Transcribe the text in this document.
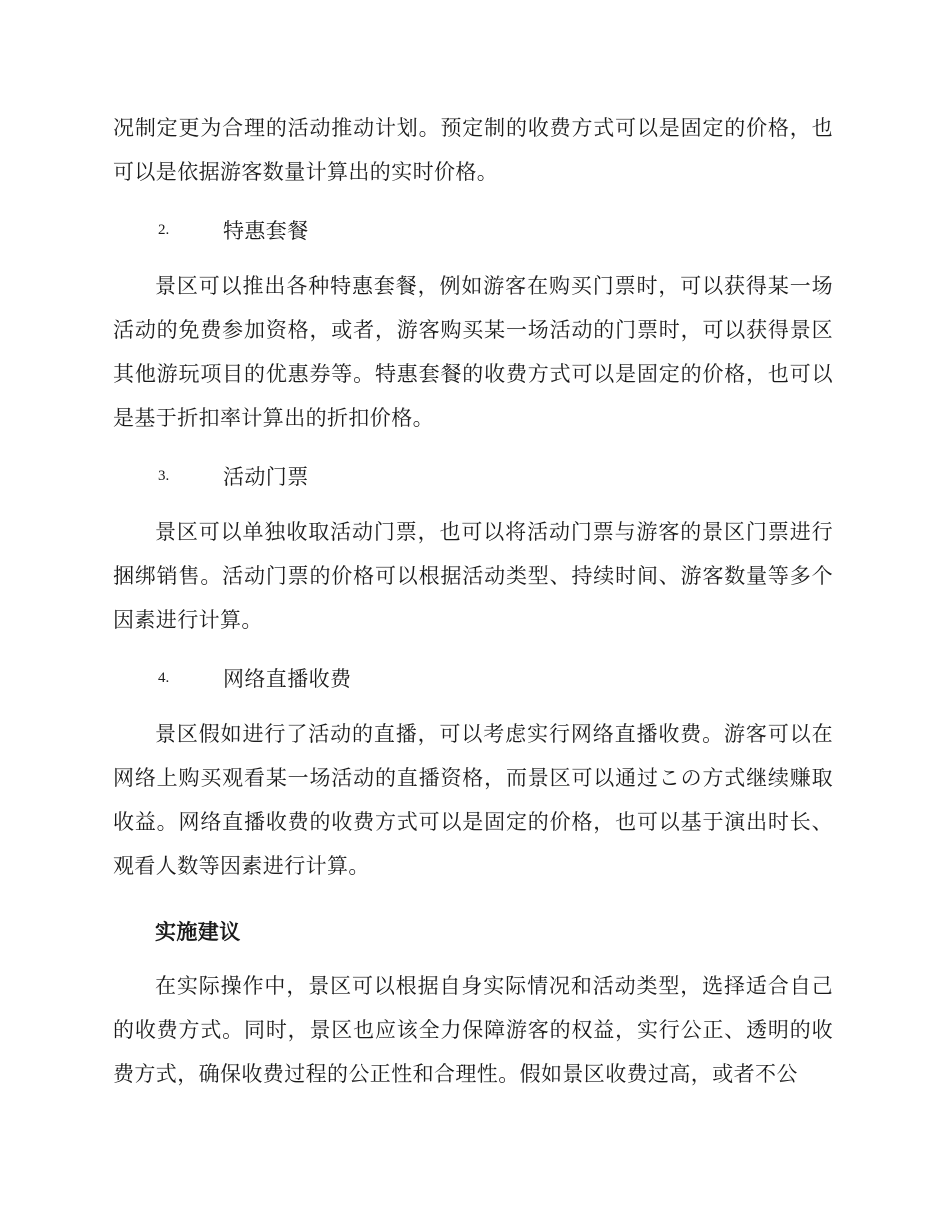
况制定更为合理的活动推动计划。预定制的收费方式可以是固定的价格，也可以是依据游客数量计算出的实时价格。

2.	特惠套餐

景区可以推出各种特惠套餐，例如游客在购买门票时，可以获得某一场活动的免费参加资格，或者，游客购买某一场活动的门票时，可以获得景区其他游玩项目的优惠券等。特惠套餐的收费方式可以是固定的价格，也可以是基于折扣率计算出的折扣价格。

3.	活动门票

景区可以单独收取活动门票，也可以将活动门票与游客的景区门票进行捆绑销售。活动门票的价格可以根据活动类型、持续时间、游客数量等多个因素进行计算。

4.	网络直播收费

景区假如进行了活动的直播，可以考虑实行网络直播收费。游客可以在网络上购买观看某一场活动的直播资格，而景区可以通过この方式继续赚取收益。网络直播收费的收费方式可以是固定的价格，也可以基于演出时长、观看人数等因素进行计算。

实施建议

在实际操作中，景区可以根据自身实际情况和活动类型，选择适合自己的收费方式。同时，景区也应该全力保障游客的权益，实行公正、透明的收费方式，确保收费过程的公正性和合理性。假如景区收费过高，或者不公
